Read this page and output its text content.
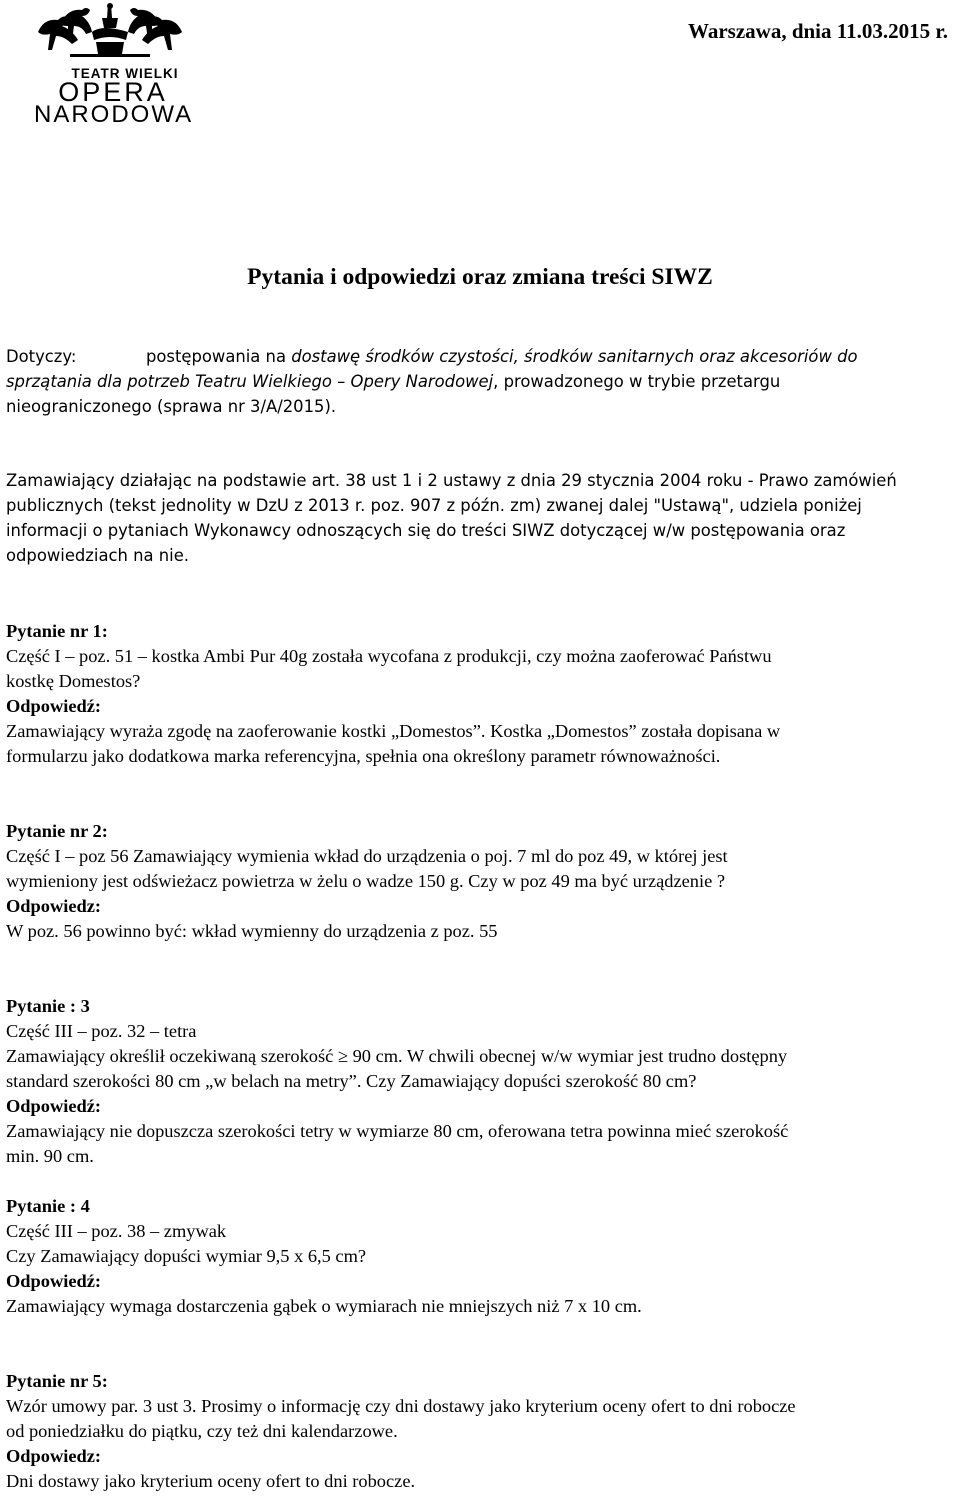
TEATR WIELKI
OPERA
NARODOWA
Warszawa, dnia 11.03.2015 r.
Pytania i odpowiedzi oraz zmiana treści SIWZ
Dotyczy:	postępowania na dostawę środków czystości, środków sanitarnych oraz akcesoriów do
sprzątania dla potrzeb Teatru Wielkiego – Opery Narodowej, prowadzonego w trybie przetargu
nieograniczonego (sprawa nr 3/A/2015).
Zamawiający działając na podstawie art. 38 ust 1 i 2 ustawy z dnia 29 stycznia 2004 roku - Prawo zamówień
publicznych (tekst jednolity w DzU z 2013 r. poz. 907 z późn. zm) zwanej dalej "Ustawą", udziela poniżej
informacji o pytaniach Wykonawcy odnoszących się do treści SIWZ dotyczącej w/w postępowania oraz
odpowiedziach na nie.
Pytanie nr 1:
Część I – poz. 51 – kostka Ambi Pur 40g została wycofana z produkcji, czy można zaoferować Państwu
kostkę Domestos?
Odpowiedź:
Zamawiający wyraża zgodę na zaoferowanie kostki „Domestos”. Kostka „Domestos” została dopisana w
formularzu jako dodatkowa marka referencyjna, spełnia ona określony parametr równoważności.
Pytanie nr 2:
Część I – poz 56 Zamawiający wymienia wkład do urządzenia o poj. 7 ml do poz 49, w której jest
wymieniony jest odświeżacz powietrza w żelu o wadze 150 g. Czy w poz 49 ma być urządzenie ?
Odpowiedz:
W poz. 56 powinno być: wkład wymienny do urządzenia z poz. 55
Pytanie : 3
Część III – poz. 32 – tetra
Zamawiający określił oczekiwaną szerokość ≥ 90 cm. W chwili obecnej w/w wymiar jest trudno dostępny
standard szerokości 80 cm „w belach na metry”. Czy Zamawiający dopuści szerokość 80 cm?
Odpowiedź:
Zamawiający nie dopuszcza szerokości tetry w wymiarze 80 cm, oferowana tetra powinna mieć szerokość
min. 90 cm.
Pytanie : 4
Część III – poz. 38 – zmywak
Czy Zamawiający dopuści wymiar 9,5 x 6,5 cm?
Odpowiedź:
Zamawiający wymaga dostarczenia gąbek o wymiarach nie mniejszych niż 7 x 10 cm.
Pytanie nr 5:
Wzór umowy par. 3 ust 3. Prosimy o informację czy dni dostawy jako kryterium oceny ofert to dni robocze
od poniedziałku do piątku, czy też dni kalendarzowe.
Odpowiedz:
Dni dostawy jako kryterium oceny ofert to dni robocze.
